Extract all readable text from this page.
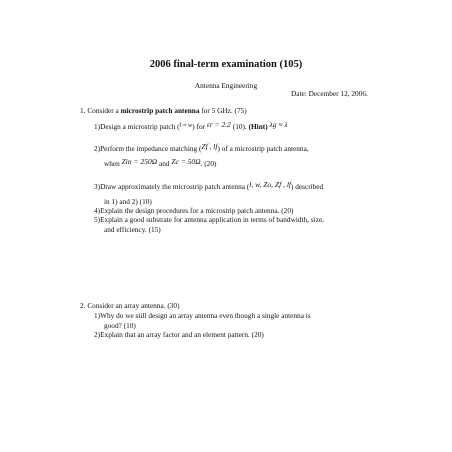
2006 final-term examination (105)
Antenna Engineering
Date: December 12, 2006.
1. Consider a microstrip patch antenna for 5 GHz. (75)
1)Design a microstrip patch (l ≈ w) for εr = 2.2 (10). (Hint) λg ≈ λ
2)Perform the impedance matching (Zf , lf) of a microstrip patch antenna,
when Zin = 250Ω and Zc = 50Ω. (20)
3)Draw approximately the microstrip patch antenna (l, w, Zo, Zf , lf) described
in 1) and 2) (10)
4)Explain the design procedures for a microstrip patch antenna. (20)
5)Explain a good substrate for antenna application in terms of bandwidth, size,
and efficiency. (15)
2. Consider an array antenna. (30)
1)Why do we still design an array antenna even though a single antenna is
good? (10)
2)Explain that an array factor and an element pattern. (20)
